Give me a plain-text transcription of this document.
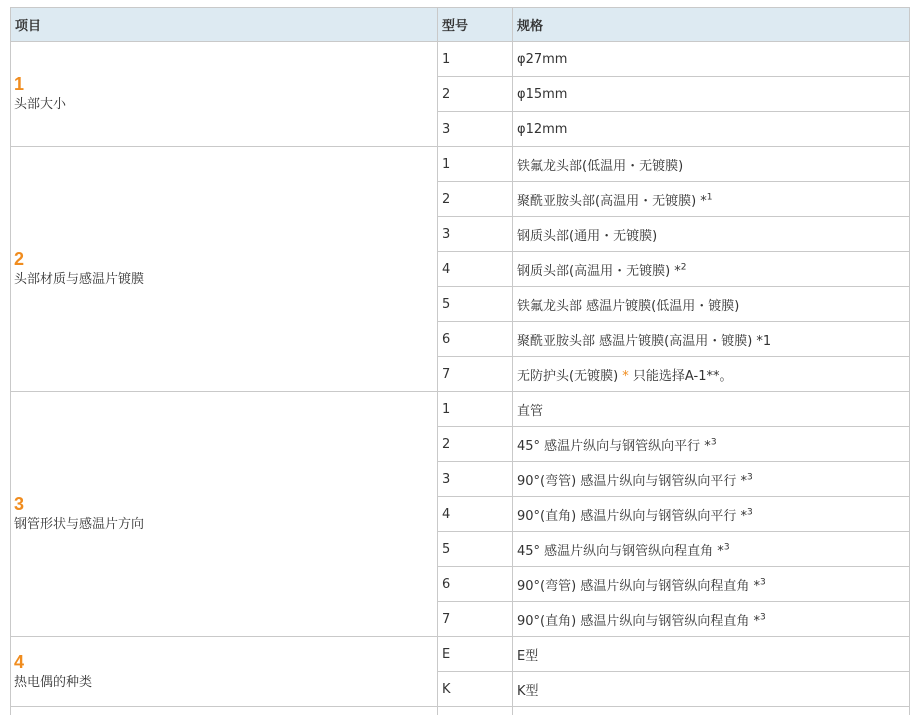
项目	型号	规格

1
头部大小	1	φ27mm
	2	φ15mm
	3	φ12mm

2
头部材质与感温片镀膜	1	铁氟龙头部(低温用・无镀膜)
	2	聚酰亚胺头部(高温用・无镀膜) *$^1$
	3	钢质头部(通用・无镀膜)
	4	钢质头部(高温用・无镀膜) *$^2$
	5	铁氟龙头部 感温片镀膜(低温用・镀膜)
	6	聚酰亚胺头部 感温片镀膜(高温用・镀膜) *1
	7	无防护头(无镀膜) * 只能选择A-1**。

3
钢管形状与感温片方向	1	直管
	2	45° 感温片纵向与钢管纵向平行 *$^3$
	3	90°(弯管) 感温片纵向与钢管纵向平行 *$^3$
	4	90°(直角) 感温片纵向与钢管纵向平行 *$^3$
	5	45° 感温片纵向与钢管纵向程直角 *$^3$
	6	90°(弯管) 感温片纵向与钢管纵向程直角 *$^3$
	7	90°(直角) 感温片纵向与钢管纵向程直角 *$^3$

4
热电偶的种类	E	E型
	K	K型
